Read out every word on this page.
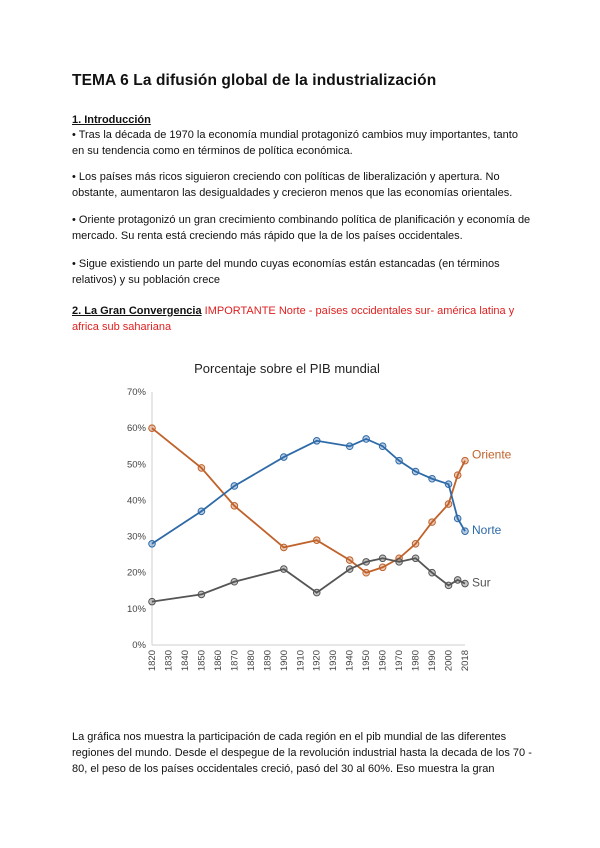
TEMA 6 La difusión global de la industrialización
1. Introducción
• Tras la década de 1970 la economía mundial protagonizó cambios muy importantes, tanto en su tendencia como en términos de política económica.
• Los países más ricos siguieron creciendo con políticas de liberalización y apertura. No obstante, aumentaron las desigualdades y crecieron menos que las economías orientales.
• Oriente protagonizó un gran crecimiento combinando política de planificación y economía de mercado. Su renta está creciendo más rápido que la de los países occidentales.
• Sigue existiendo un parte del mundo cuyas economías están estancadas (en términos relativos) y su población crece
2. La Gran Convergencia IMPORTANTE Norte - países occidentales sur- américa latina y africa sub sahariana
Porcentaje sobre el PIB mundial
0%
10%
20%
30%
40%
50%
60%
70%
1820 1830 1840 1850 1860 1870 1880 1890 1900 1910 1920 1930 1940 1950 1960 1970 1980 1990 2000 2018
Oriente
Norte
Sur
La gráfica nos muestra la participación de cada región en el pib mundial de las diferentes regiones del mundo. Desde el despegue de la revolución industrial hasta la decada de los 70 - 80, el peso de los países occidentales creció, pasó del 30 al 60%. Eso muestra la gran
